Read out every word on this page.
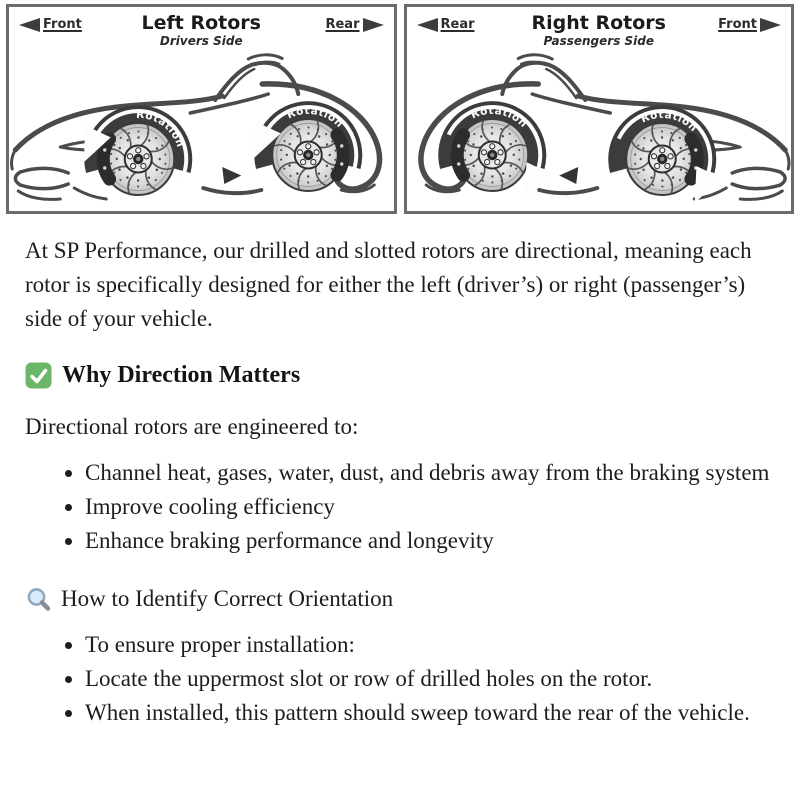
Front	Left Rotors
Drivers Side
Rear
Rotation
Rotation
Rear	Right Rotors
Passengers Side
Front
Rotation	Rotation

At SP Performance, our drilled and slotted rotors are directional, meaning each rotor is specifically designed for either the left (driver’s) or right (passenger’s) side of your vehicle.

Why Direction Matters

Directional rotors are engineered to:

• Channel heat, gases, water, dust, and debris away from the braking system
• Improve cooling efficiency
• Enhance braking performance and longevity
How to Identify Correct Orientation
• To ensure proper installation:
• Locate the uppermost slot or row of drilled holes on the rotor.
• When installed, this pattern should sweep toward the rear of the vehicle.
